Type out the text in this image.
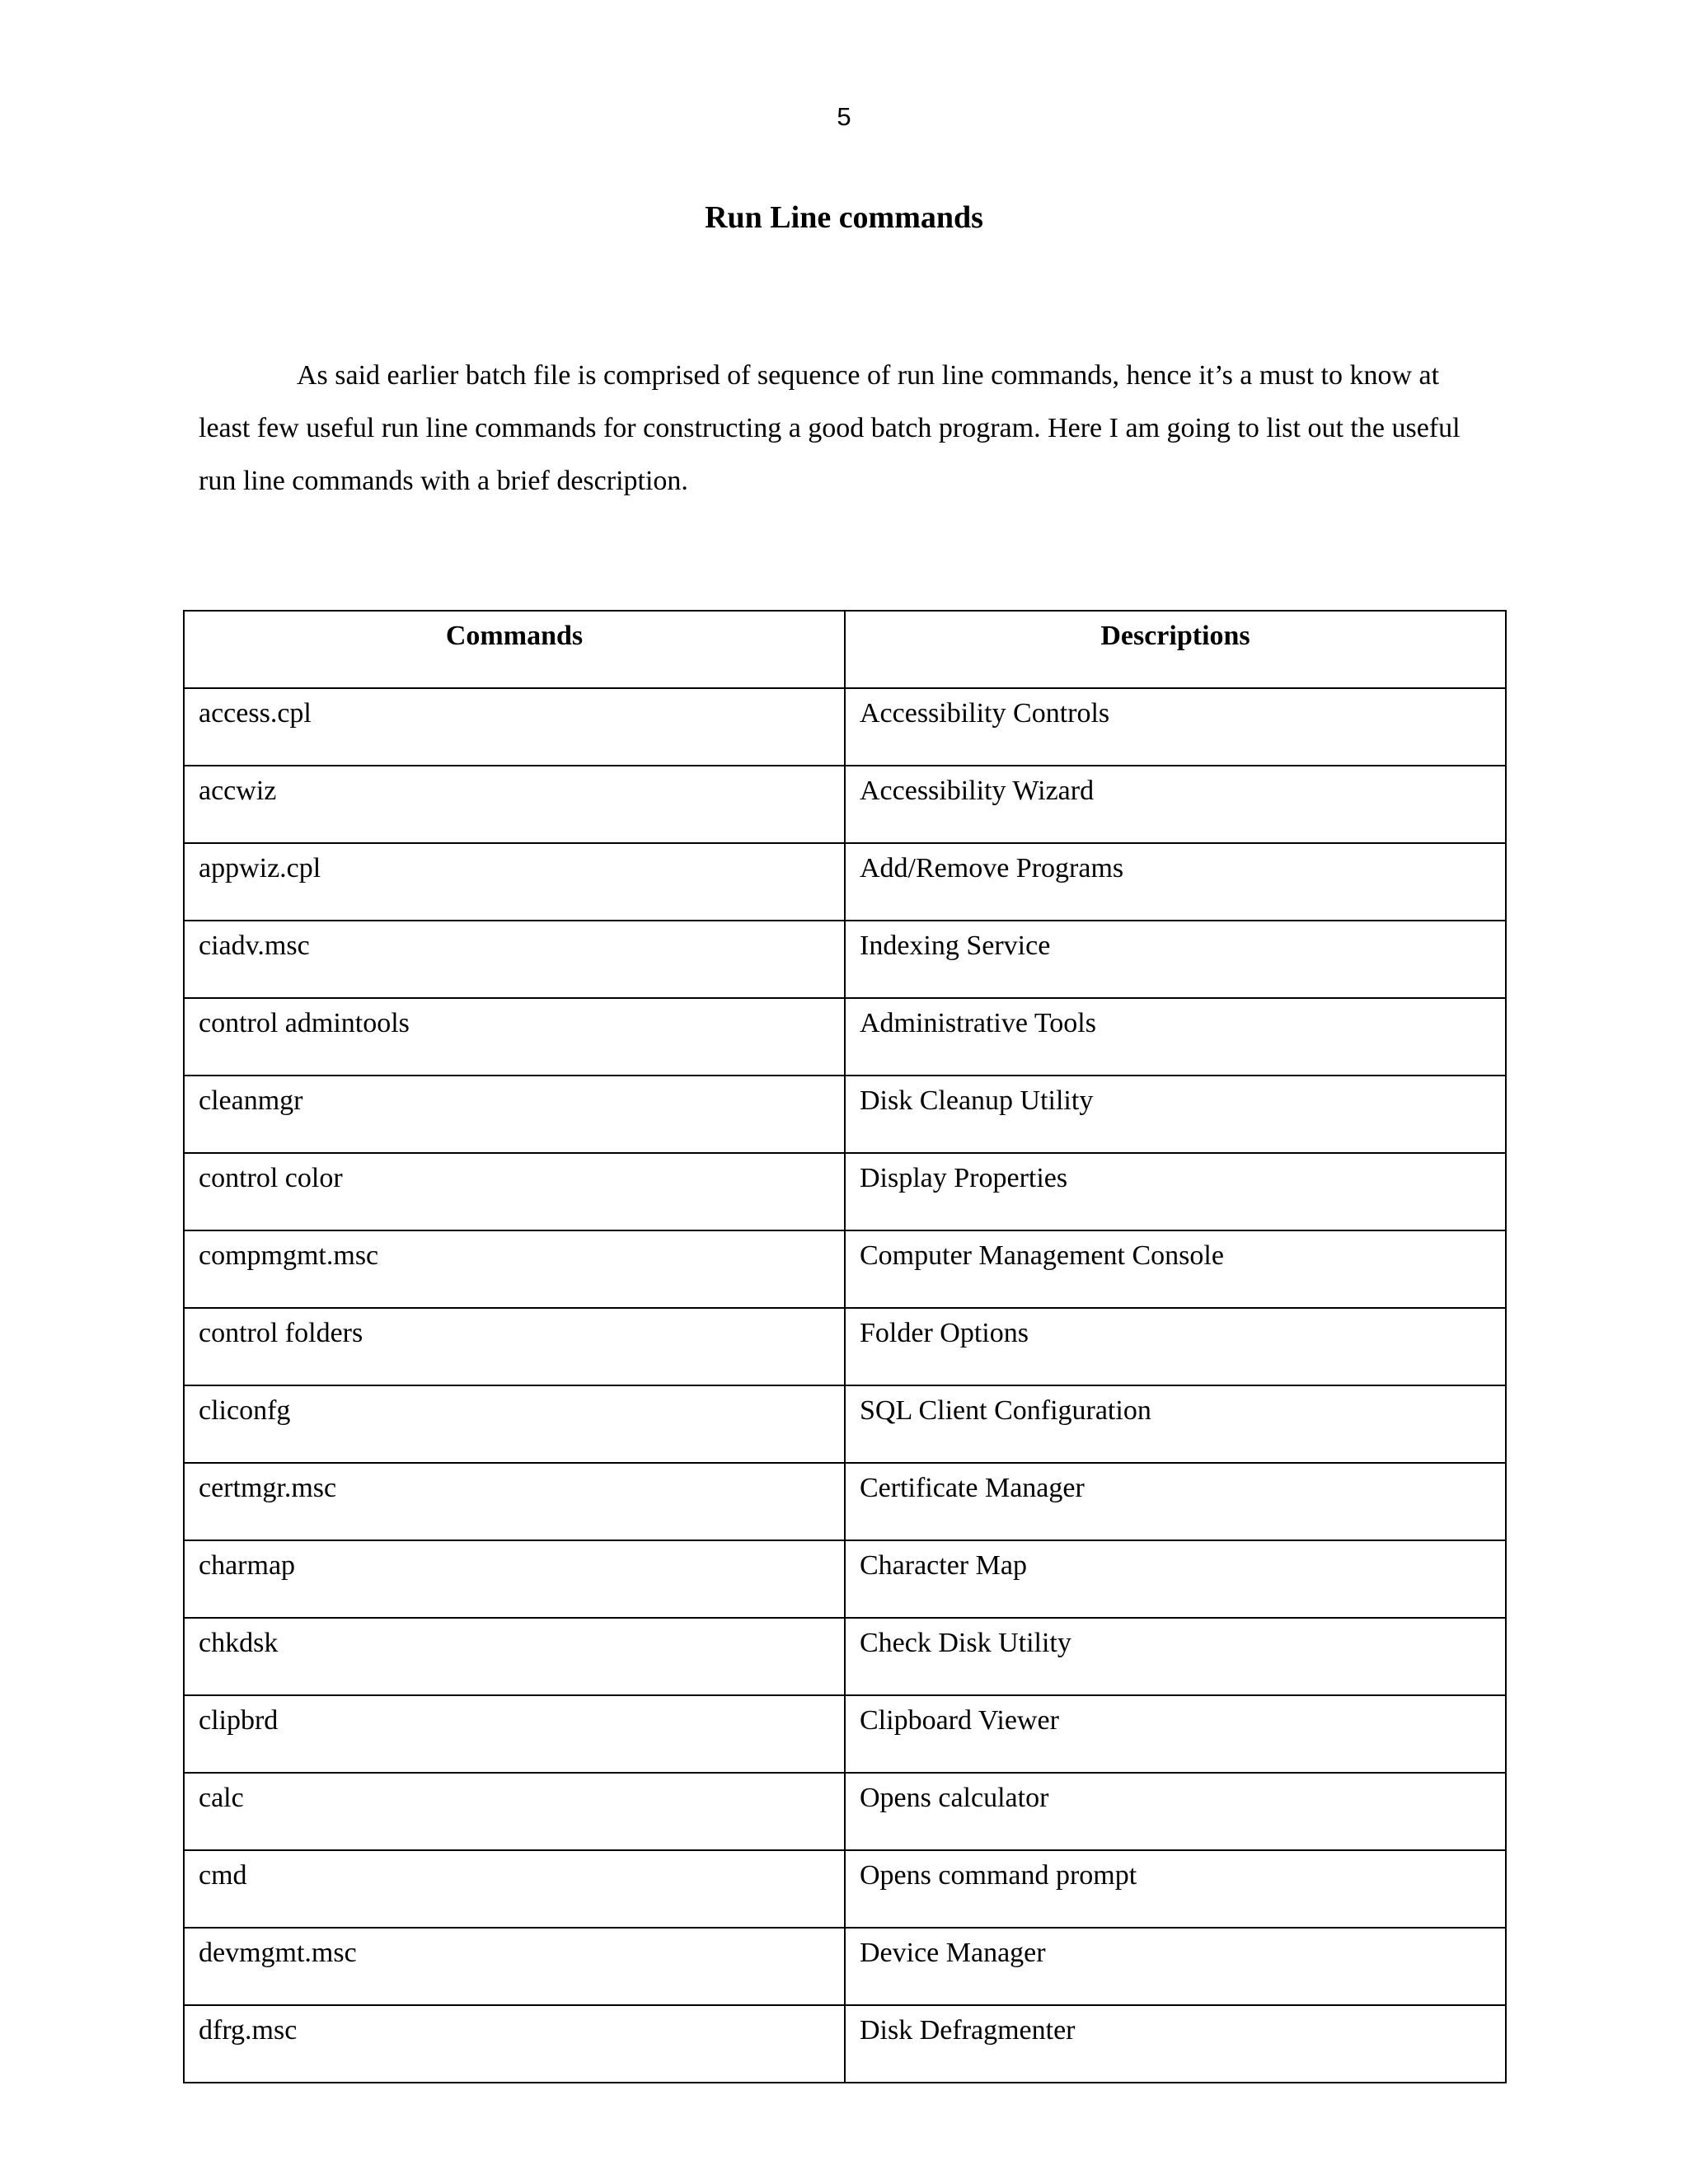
5
Run Line commands

As said earlier batch file is comprised of sequence of run line commands, hence it’s a must to know at least few useful run line commands for constructing a good batch program. Here I am going to list out the useful run line commands with a brief description.

Commands	Descriptions
access.cpl	Accessibility Controls
accwiz	Accessibility Wizard
appwiz.cpl	Add/Remove Programs
ciadv.msc	Indexing Service
control admintools	Administrative Tools
cleanmgr	Disk Cleanup Utility
control color	Display Properties
compmgmt.msc	Computer Management Console
control folders	Folder Options
cliconfg	SQL Client Configuration
certmgr.msc	Certificate Manager
charmap	Character Map
chkdsk	Check Disk Utility
clipbrd	Clipboard Viewer
calc	Opens calculator
cmd	Opens command prompt
devmgmt.msc	Device Manager
dfrg.msc	Disk Defragmenter
